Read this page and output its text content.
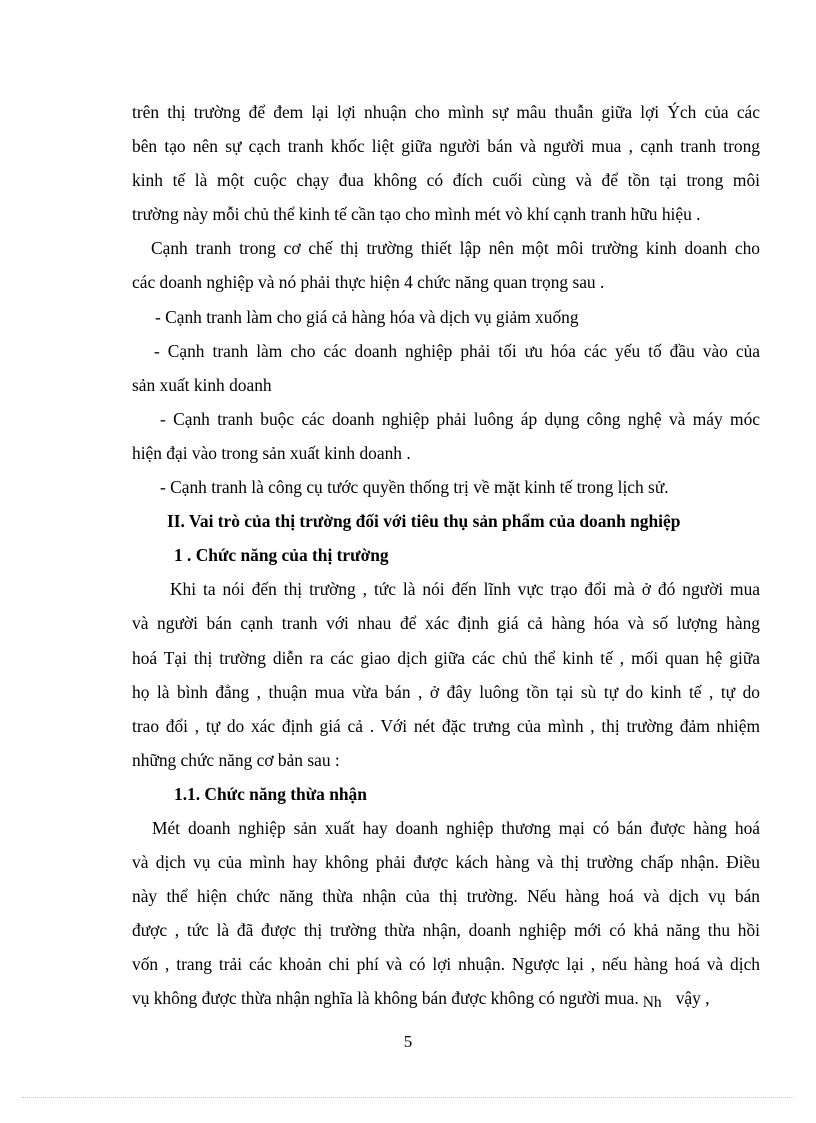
trên thị trường để đem lại lợi nhuận cho mình sự mâu thuẫn giữa lợi Ých của các

bên tạo nên sự cạch tranh khốc liệt giữa người bán và người mua , cạnh tranh trong

kinh tế là một cuộc chạy đua không có đích cuối cùng và để tồn tại trong môi

trường này mỗi chủ thể kinh tế cần tạo cho mình mét vò khí cạnh tranh hữu hiệu .

Cạnh tranh trong cơ chế thị trường thiết lập nên một môi trường kinh doanh cho

các doanh nghiệp và nó phải thực hiện 4 chức năng quan trọng sau .

- Cạnh tranh làm cho giá cả hàng hóa và dịch vụ giảm xuống

- Cạnh tranh làm cho các doanh nghiệp phải tối ưu hóa các yếu tố đầu vào của

sản xuất kinh doanh

- Cạnh tranh buộc các doanh nghiệp phải luông áp dụng công nghệ và máy móc

hiện đại vào trong sản xuất kinh doanh .

- Cạnh tranh là công cụ tước quyền thống trị về mặt kinh tế trong lịch sử.

II. Vai trò của thị trường đối với tiêu thụ sản phẩm của doanh nghiệp

1 . Chức năng của thị trường

Khi ta nói đến thị trường , tức là nói đến lĩnh vực trạo đổi mà ở đó người mua

và người bán cạnh tranh với nhau để xác định giá cả hàng hóa và số lượng hàng

hoá Tại thị trường diễn ra các giao dịch giữa các chủ thể kinh tế , mối quan hệ giữa

họ là bình đẳng , thuận mua vừa bán , ở đây luông tồn tại sù tự do kinh tế , tự do

trao đổi , tự do xác định giá cả . Với nét đặc trưng của mình , thị trường đảm nhiệm

những chức năng cơ bản sau :

1.1. Chức năng thừa nhận

Mét doanh nghiệp sản xuất hay doanh nghiệp thương mại có bán được hàng hoá

và dịch vụ của mình hay không phải được kách hàng và thị trường chấp nhận. Điều

này thể hiện chức năng thừa nhận của thị trường. Nếu hàng hoá và dịch vụ bán

được , tức là đã được thị trường thừa nhận, doanh nghiệp mới có khả năng thu hồi

vốn , trang trải các khoản chi phí và có lợi nhuận. Ngược lại , nếu hàng hoá và dịch

vụ không được thừa nhận nghĩa là không bán được không có người mua. Nh vậy ,

5
